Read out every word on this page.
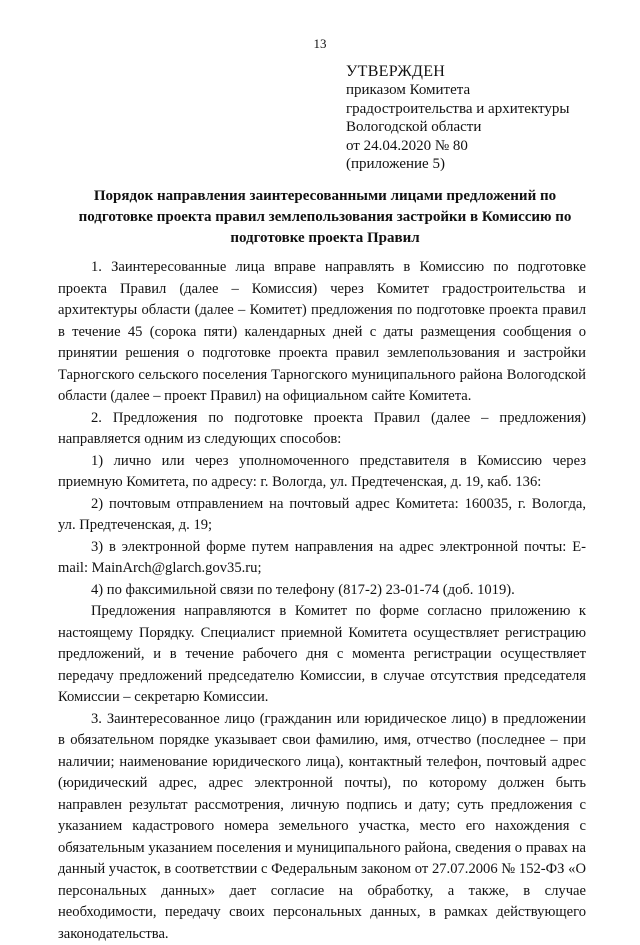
13
УТВЕРЖДЕН
приказом Комитета
градостроительства и архитектуры
Вологодской области
от 24.04.2020 № 80
(приложение 5)
Порядок направления заинтересованными лицами предложений по подготовке проекта правил землепользования застройки в Комиссию по подготовке проекта Правил

1. Заинтересованные лица вправе направлять в Комиссию по подготовке проекта Правил (далее – Комиссия) через Комитет градостроительства и архитектуры области (далее – Комитет) предложения по подготовке проекта правил в течение 45 (сорока пяти) календарных дней с даты размещения сообщения о принятии решения о подготовке проекта правил землепользования и застройки Тарногского сельского поселения Тарногского муниципального района Вологодской области (далее – проект Правил) на официальном сайте Комитета.

2. Предложения по подготовке проекта Правил (далее – предложения) направляется одним из следующих способов:

1) лично или через уполномоченного представителя в Комиссию через приемную Комитета, по адресу: г. Вологда, ул. Предтеченская, д. 19, каб. 136:

2) почтовым отправлением на почтовый адрес Комитета: 160035, г. Вологда, ул. Предтеченская, д. 19;

3) в электронной форме путем направления на адрес электронной почты: E-mail: MainArch@glarch.gov35.ru;

4) по факсимильной связи по телефону (817-2) 23-01-74 (доб. 1019).

Предложения направляются в Комитет по форме согласно приложению к настоящему Порядку. Специалист приемной Комитета осуществляет регистрацию предложений, и в течение рабочего дня с момента регистрации осуществляет передачу предложений председателю Комиссии, в случае отсутствия председателя Комиссии – секретарю Комиссии.

3. Заинтересованное лицо (гражданин или юридическое лицо) в предложении в обязательном порядке указывает свои фамилию, имя, отчество (последнее – при наличии; наименование юридического лица), контактный телефон, почтовый адрес (юридический адрес, адрес электронной почты), по которому должен быть направлен результат рассмотрения, личную подпись и дату; суть предложения с указанием кадастрового номера земельного участка, место его нахождения с обязательным указанием поселения и муниципального района, сведения о правах на данный участок, в соответствии с Федеральным законом от 27.07.2006 № 152-ФЗ «О персональных данных» дает согласие на обработку, а также, в случае необходимости, передачу своих персональных данных, в рамках действующего законодательства.
